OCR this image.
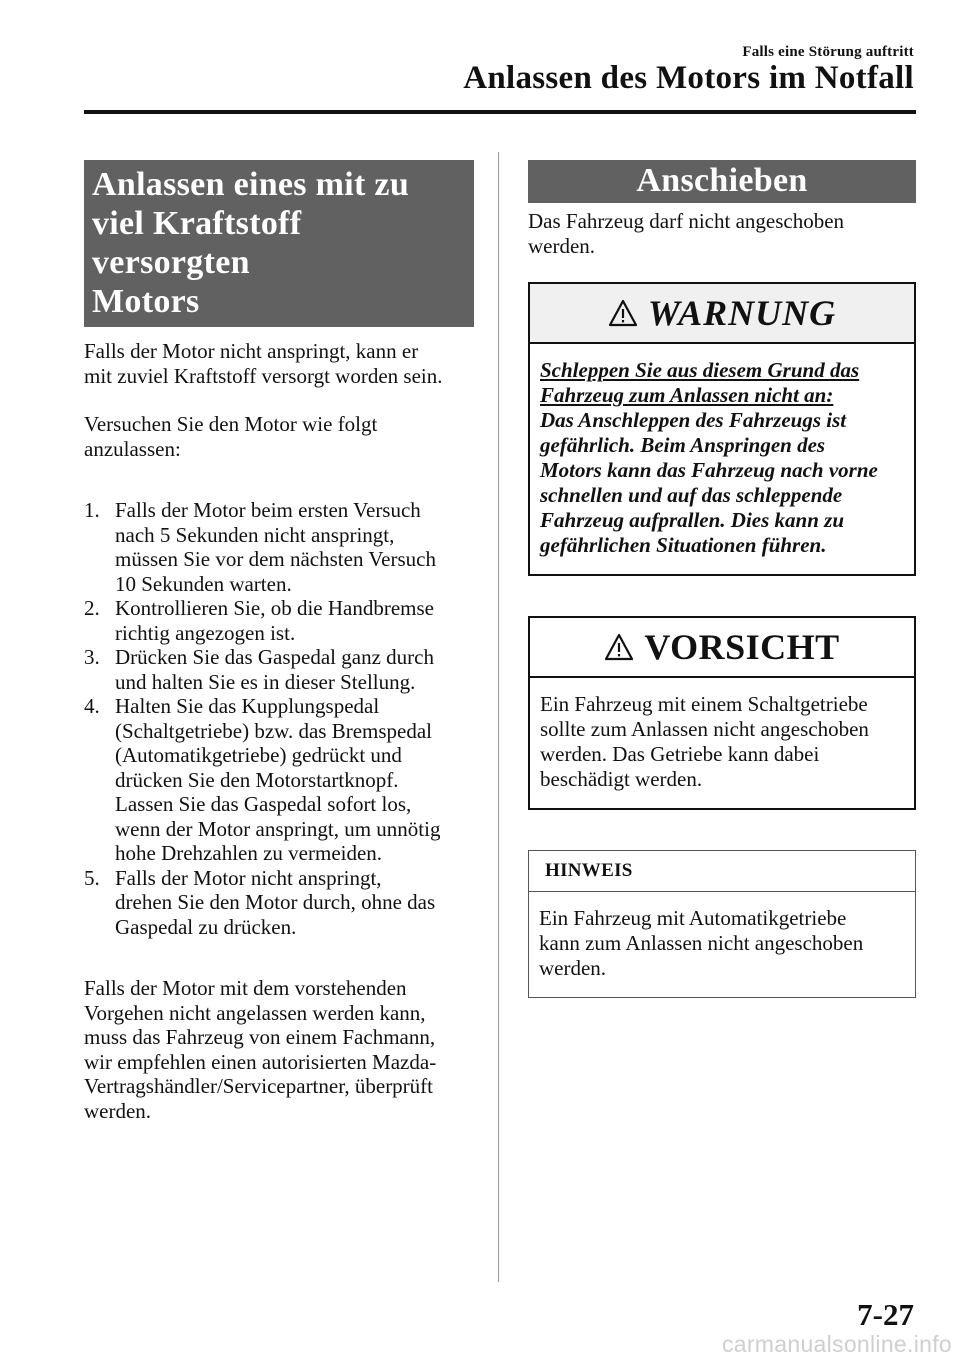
Falls eine Störung auftritt
Anlassen des Motors im Notfall
Anlassen eines mit zu
viel Kraftstoff versorgten
Motors

Falls der Motor nicht anspringt, kann er
mit zuviel Kraftstoff versorgt worden sein.

Versuchen Sie den Motor wie folgt
anzulassen:

1. Falls der Motor beim ersten Versuch
nach 5 Sekunden nicht anspringt,
müssen Sie vor dem nächsten Versuch
10 Sekunden warten.
2. Kontrollieren Sie, ob die Handbremse
richtig angezogen ist.
3. Drücken Sie das Gaspedal ganz durch
und halten Sie es in dieser Stellung.
4. Halten Sie das Kupplungspedal
(Schaltgetriebe) bzw. das Bremspedal
(Automatikgetriebe) gedrückt und
drücken Sie den Motorstartknopf.
Lassen Sie das Gaspedal sofort los,
wenn der Motor anspringt, um unnötig
hohe Drehzahlen zu vermeiden.
5. Falls der Motor nicht anspringt,
drehen Sie den Motor durch, ohne das
Gaspedal zu drücken.

Falls der Motor mit dem vorstehenden
Vorgehen nicht angelassen werden kann,
muss das Fahrzeug von einem Fachmann,
wir empfehlen einen autorisierten Mazda-
Vertragshändler/Servicepartner, überprüft
werden.

Anschieben

Das Fahrzeug darf nicht angeschoben
werden.

WARNUNG
Schleppen Sie aus diesem Grund das
Fahrzeug zum Anlassen nicht an:
Das Anschleppen des Fahrzeugs ist
gefährlich. Beim Anspringen des
Motors kann das Fahrzeug nach vorne
schnellen und auf das schleppende
Fahrzeug aufprallen. Dies kann zu
gefährlichen Situationen führen.
VORSICHT
Ein Fahrzeug mit einem Schaltgetriebe
sollte zum Anlassen nicht angeschoben
werden. Das Getriebe kann dabei
beschädigt werden.
HINWEIS
Ein Fahrzeug mit Automatikgetriebe
kann zum Anlassen nicht angeschoben
werden.
7-27
carmanualsonline.info
